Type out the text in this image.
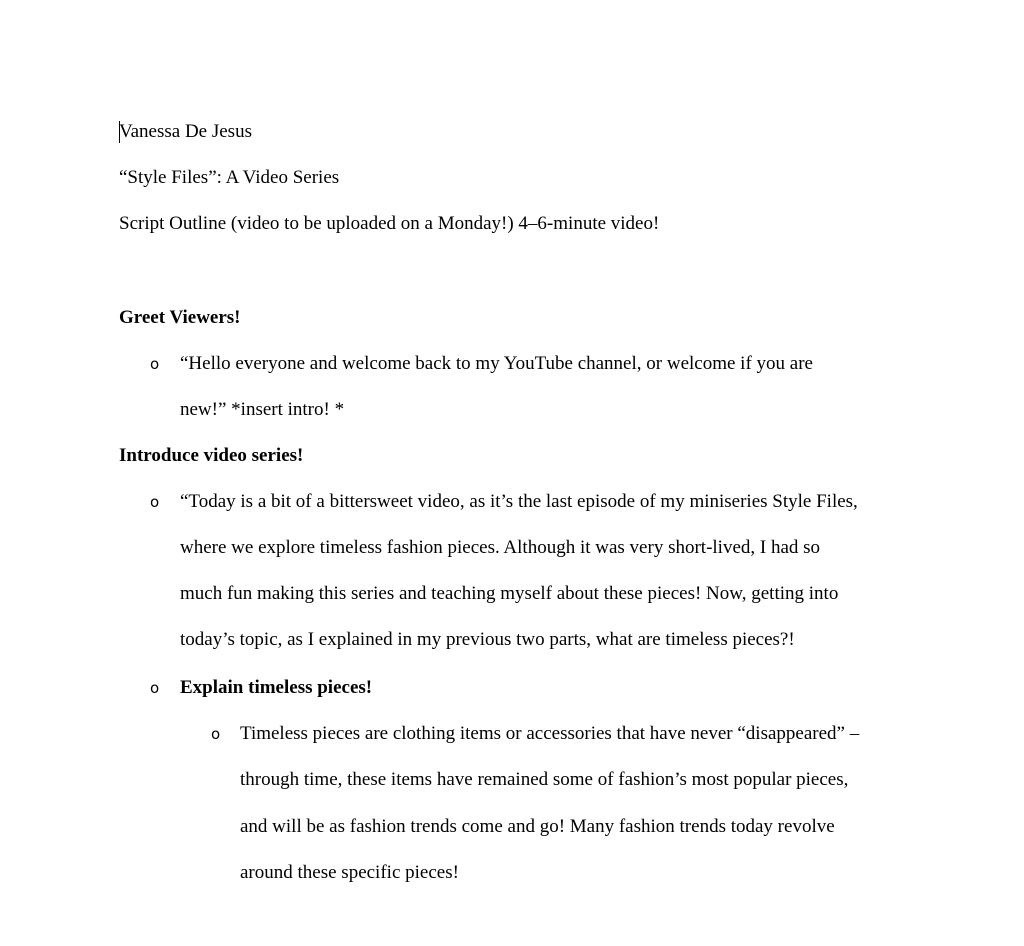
Vanessa De Jesus
“Style Files”: A Video Series
Script Outline (video to be uploaded on a Monday!) 4–6-minute video!
Greet Viewers!
o “Hello everyone and welcome back to my YouTube channel, or welcome if you are
new!” *insert intro! *
Introduce video series!
o “Today is a bit of a bittersweet video, as it’s the last episode of my miniseries Style Files,
where we explore timeless fashion pieces. Although it was very short-lived, I had so
much fun making this series and teaching myself about these pieces! Now, getting into
today’s topic, as I explained in my previous two parts, what are timeless pieces?!
o Explain timeless pieces!
o Timeless pieces are clothing items or accessories that have never “disappeared” –
through time, these items have remained some of fashion’s most popular pieces,
and will be as fashion trends come and go! Many fashion trends today revolve
around these specific pieces!
